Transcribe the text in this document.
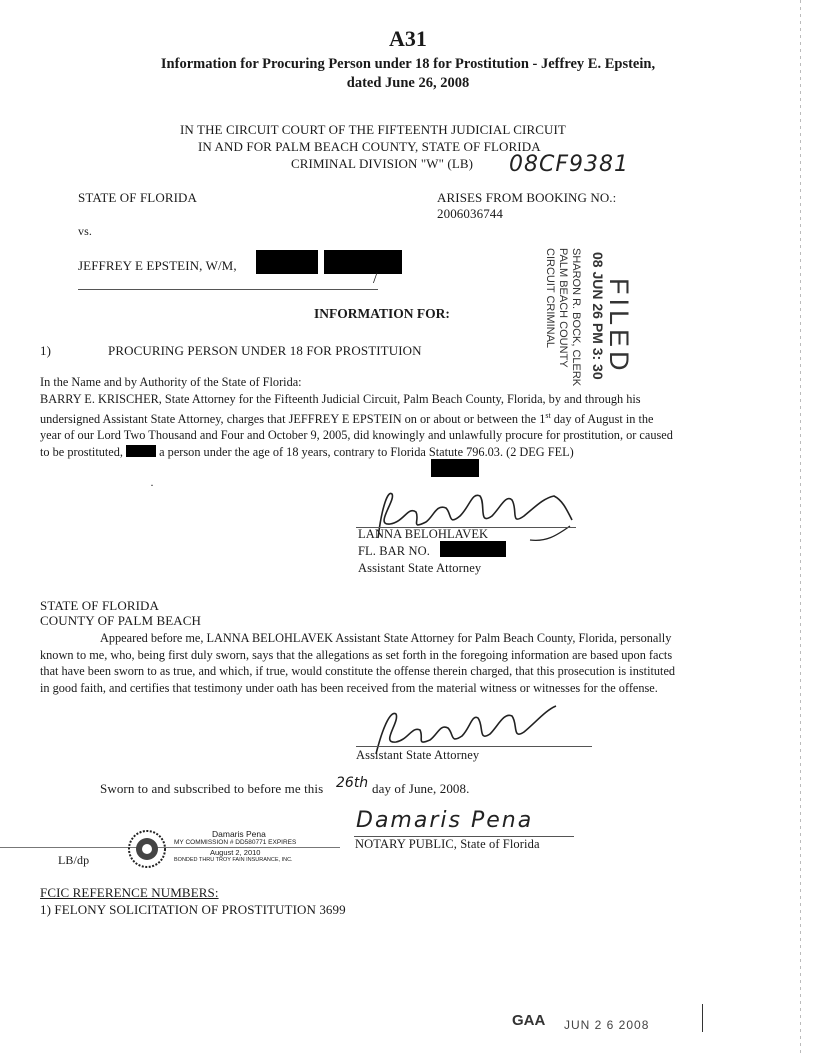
A31
Information for Procuring Person under 18 for Prostitution - Jeffrey E. Epstein,
dated June 26, 2008
IN THE CIRCUIT COURT OF THE FIFTEENTH JUDICIAL CIRCUIT
IN AND FOR PALM BEACH COUNTY, STATE OF FLORIDA
CRIMINAL DIVISION "W" (LB) 08CF9381
STATE OF FLORIDA	ARISES FROM BOOKING NO.:
2006036744
vs.
JEFFREY E EPSTEIN, W/M,
/
INFORMATION FOR:	SHARON R. BOCK, CLERK
PALM BEACH COUNTY
CIRCUIT CRIMINAL 08 JUN 26 PM 3: 30
FILED
1)	PROCURING PERSON UNDER 18 FOR PROSTITUION
In the Name and by Authority of the State of Florida:
BARRY E. KRISCHER, State Attorney for the Fifteenth Judicial Circuit, Palm Beach County, Florida, by and through his undersigned Assistant State Attorney, charges that JEFFREY E EPSTEIN on or about or between the 1st day of August in the year of our Lord Two Thousand and Four and October 9, 2005, did knowingly and unlawfully procure for prostitution, or caused to be prostituted,  a person under the age of 18 years, contrary to Florida Statute 796.03. (2 DEG FEL)
·
LANNA BELOHLAVEK
FL. BAR NO.
Assistant State Attorney
STATE OF FLORIDA
COUNTY OF PALM BEACH
Appeared before me, LANNA BELOHLAVEK Assistant State Attorney for Palm Beach County, Florida, personally known to me, who, being first duly sworn, says that the allegations as set forth in the foregoing information are based upon facts that have been sworn to as true, and which, if true, would constitute the offense therein charged, that this prosecution is instituted in good faith, and certifies that testimony under oath has been received from the material witness or witnesses for the offense.
Assistant State Attorney
Sworn to and subscribed to before me this 26th day of June, 2008.
Damaris Pena
NOTARY PUBLIC, State of Florida
Damaris Pena
MY COMMISSION # DD580771 EXPIRES
August 2, 2010
BONDED THRU TROY FAIN INSURANCE, INC.
LB/dp
FCIC REFERENCE NUMBERS:
1) FELONY SOLICITATION OF PROSTITUTION 3699
GAA JUN 2 6 2008
